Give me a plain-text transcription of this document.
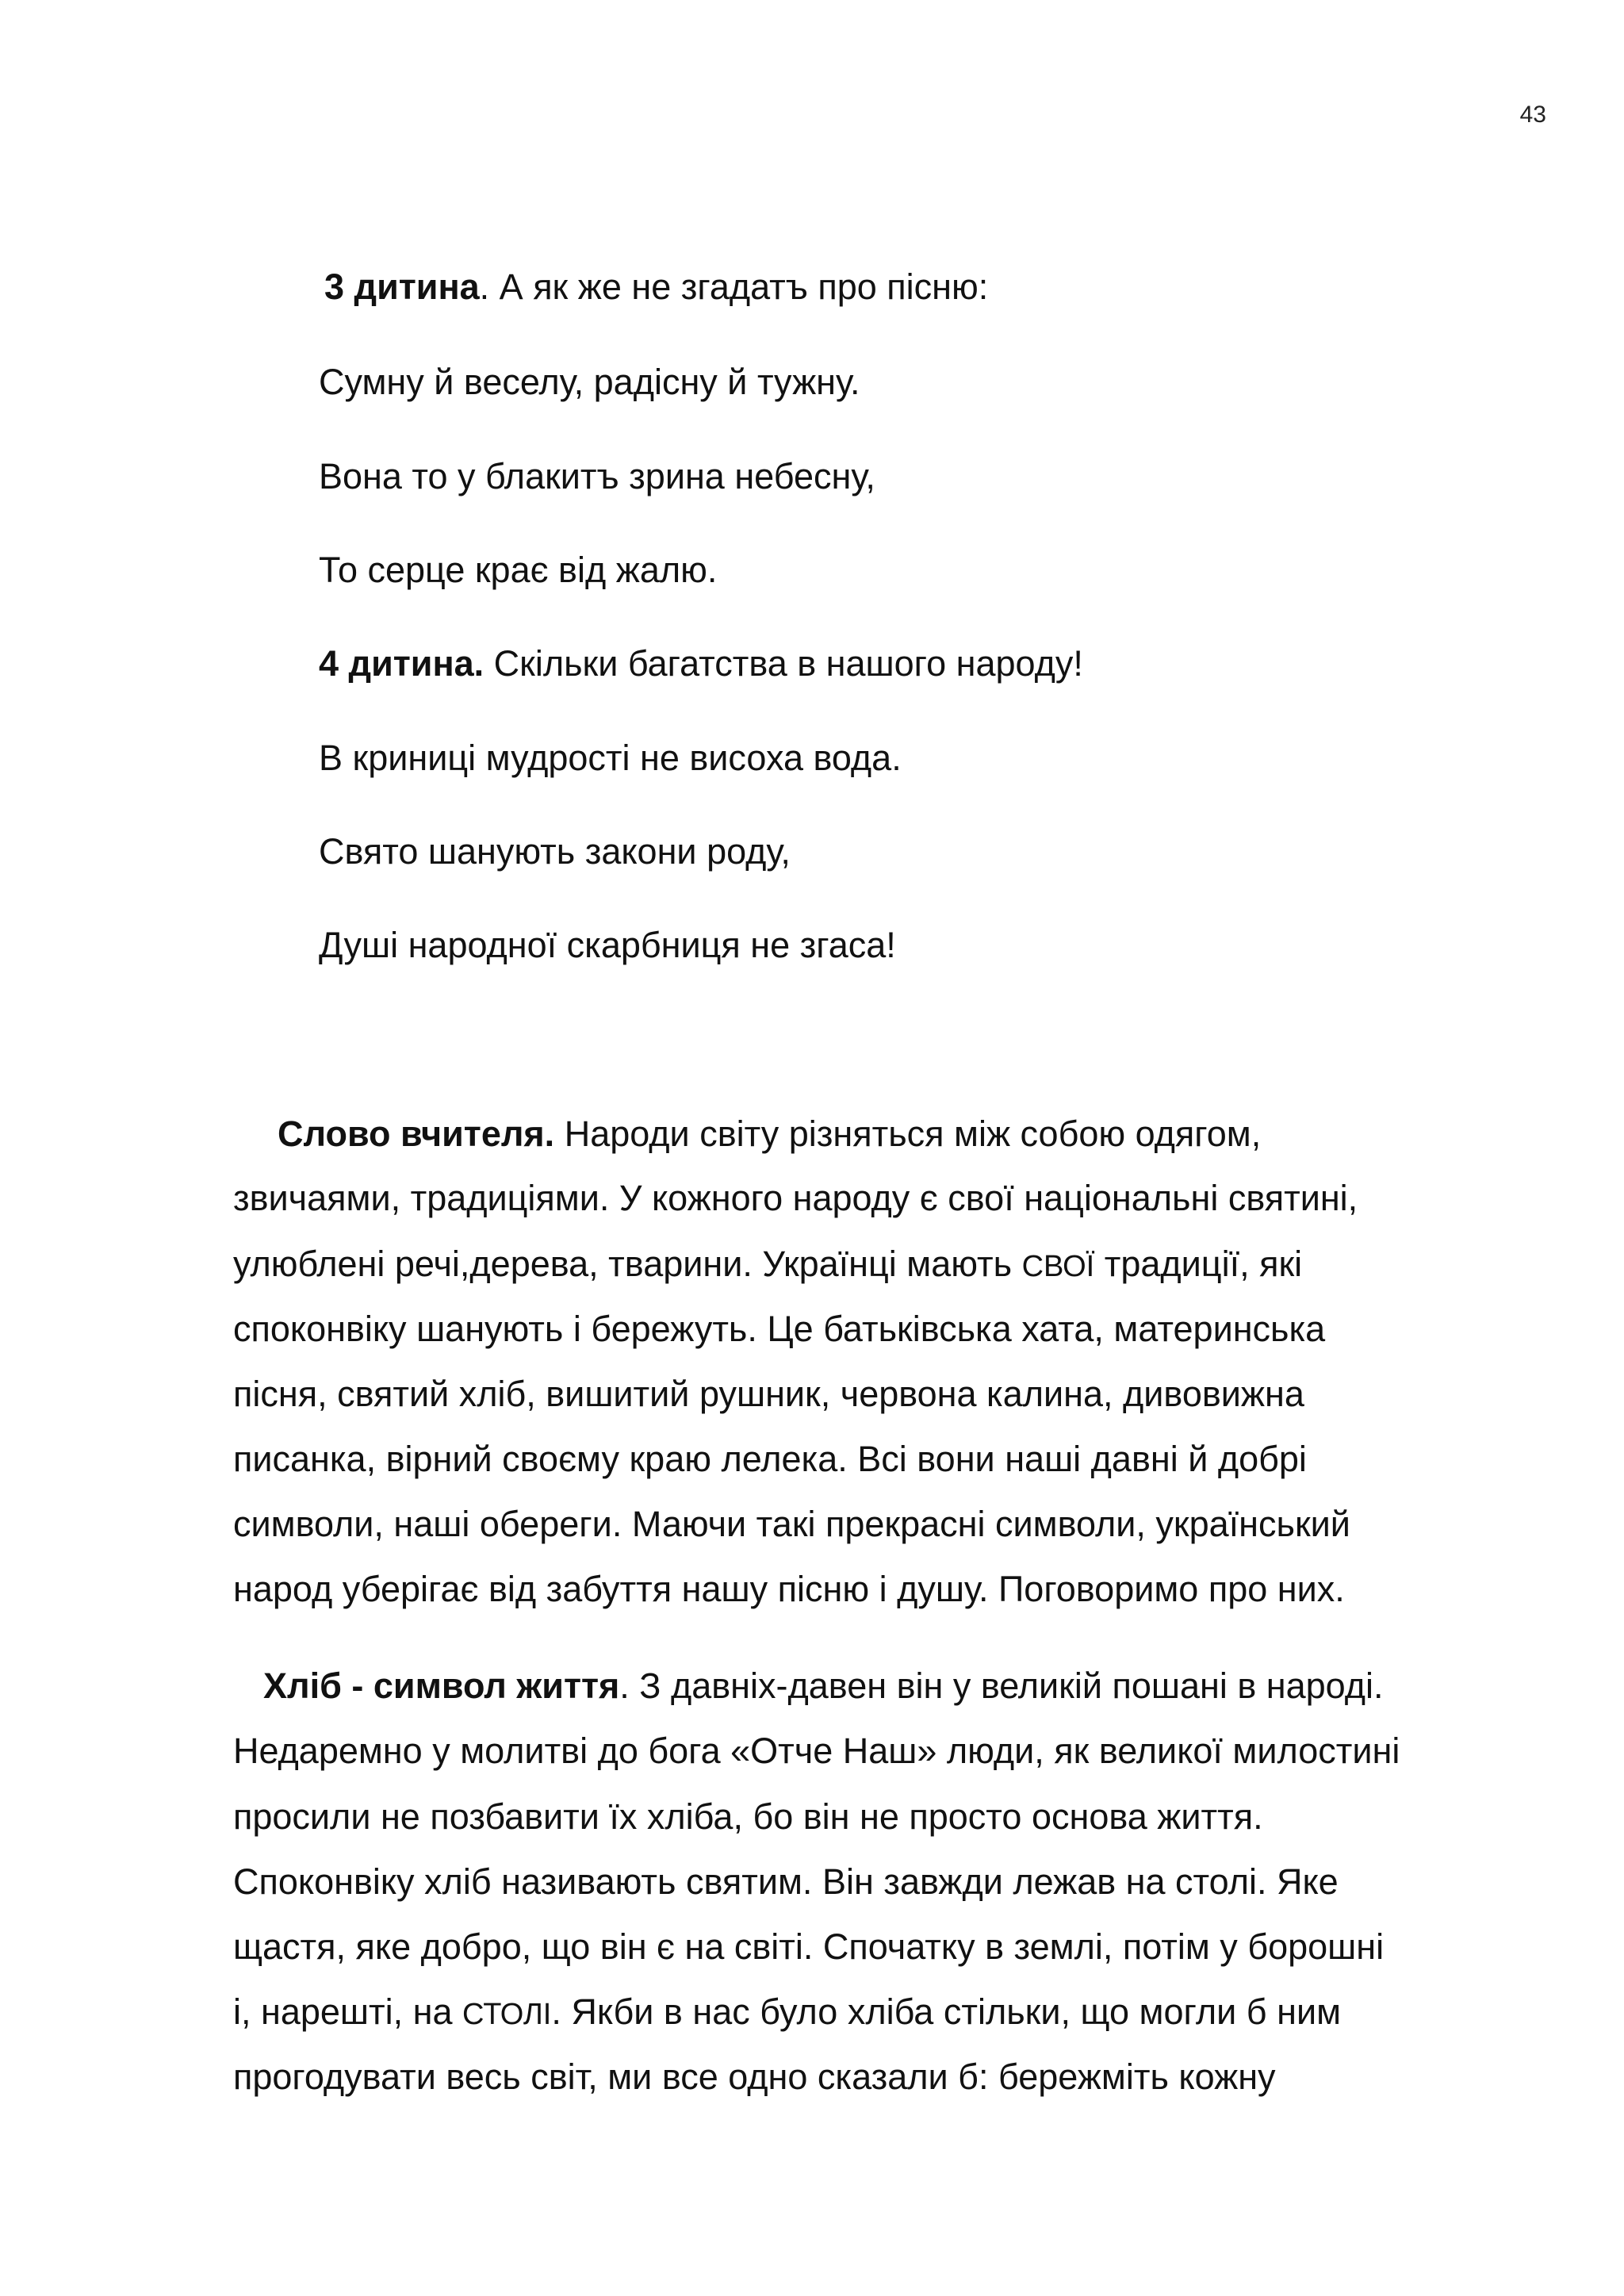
43
3 дитина. А як же не згадатъ про пісню:
Сумну й веселу, радісну й тужну.
Вона то у блакитъ зрина небесну,
То серце крає від жалю.
4 дитина. Скільки багатства в нашого народу!
В криниці мудрості не висоха вода.
Свято шанують закони роду,
Душі народної скарбниця не згаса!
Слово вчителя. Народи світу різняться між собою одягом,
звичаями, традиціями. У кожного народу є свої національні святині,
улюблені речі,дерева, тварини. Українці мають СВОЇ традиції, які
споконвіку шанують і бережуть. Це батьківська хата, материнська
пісня, святий хліб, вишитий рушник, червона калина, дивовижна
писанка, вірний своєму краю лелека. Всі вони наші давні й добрі
символи, наші обереги. Маючи такі прекрасні символи, український
народ уберігає від забуття нашу пісню і душу. Поговоримо про них.
Хліб - символ життя. З давніх-давен він у великій пошані в народі.
Недаремно у молитві до бога «Отче Наш» люди, як великої милостині
просили не позбавити їх хліба, бо він не просто основа життя.
Споконвіку хліб називають святим. Він завжди лежав на столі. Яке
щастя, яке добро, що він є на світі. Спочатку в землі, потім у борошні
і, нарешті, на СТОЛІ. Якби в нас було хліба стільки, що могли б ним
прогодувати весь світ, ми все одно сказали б: бережміть кожну
